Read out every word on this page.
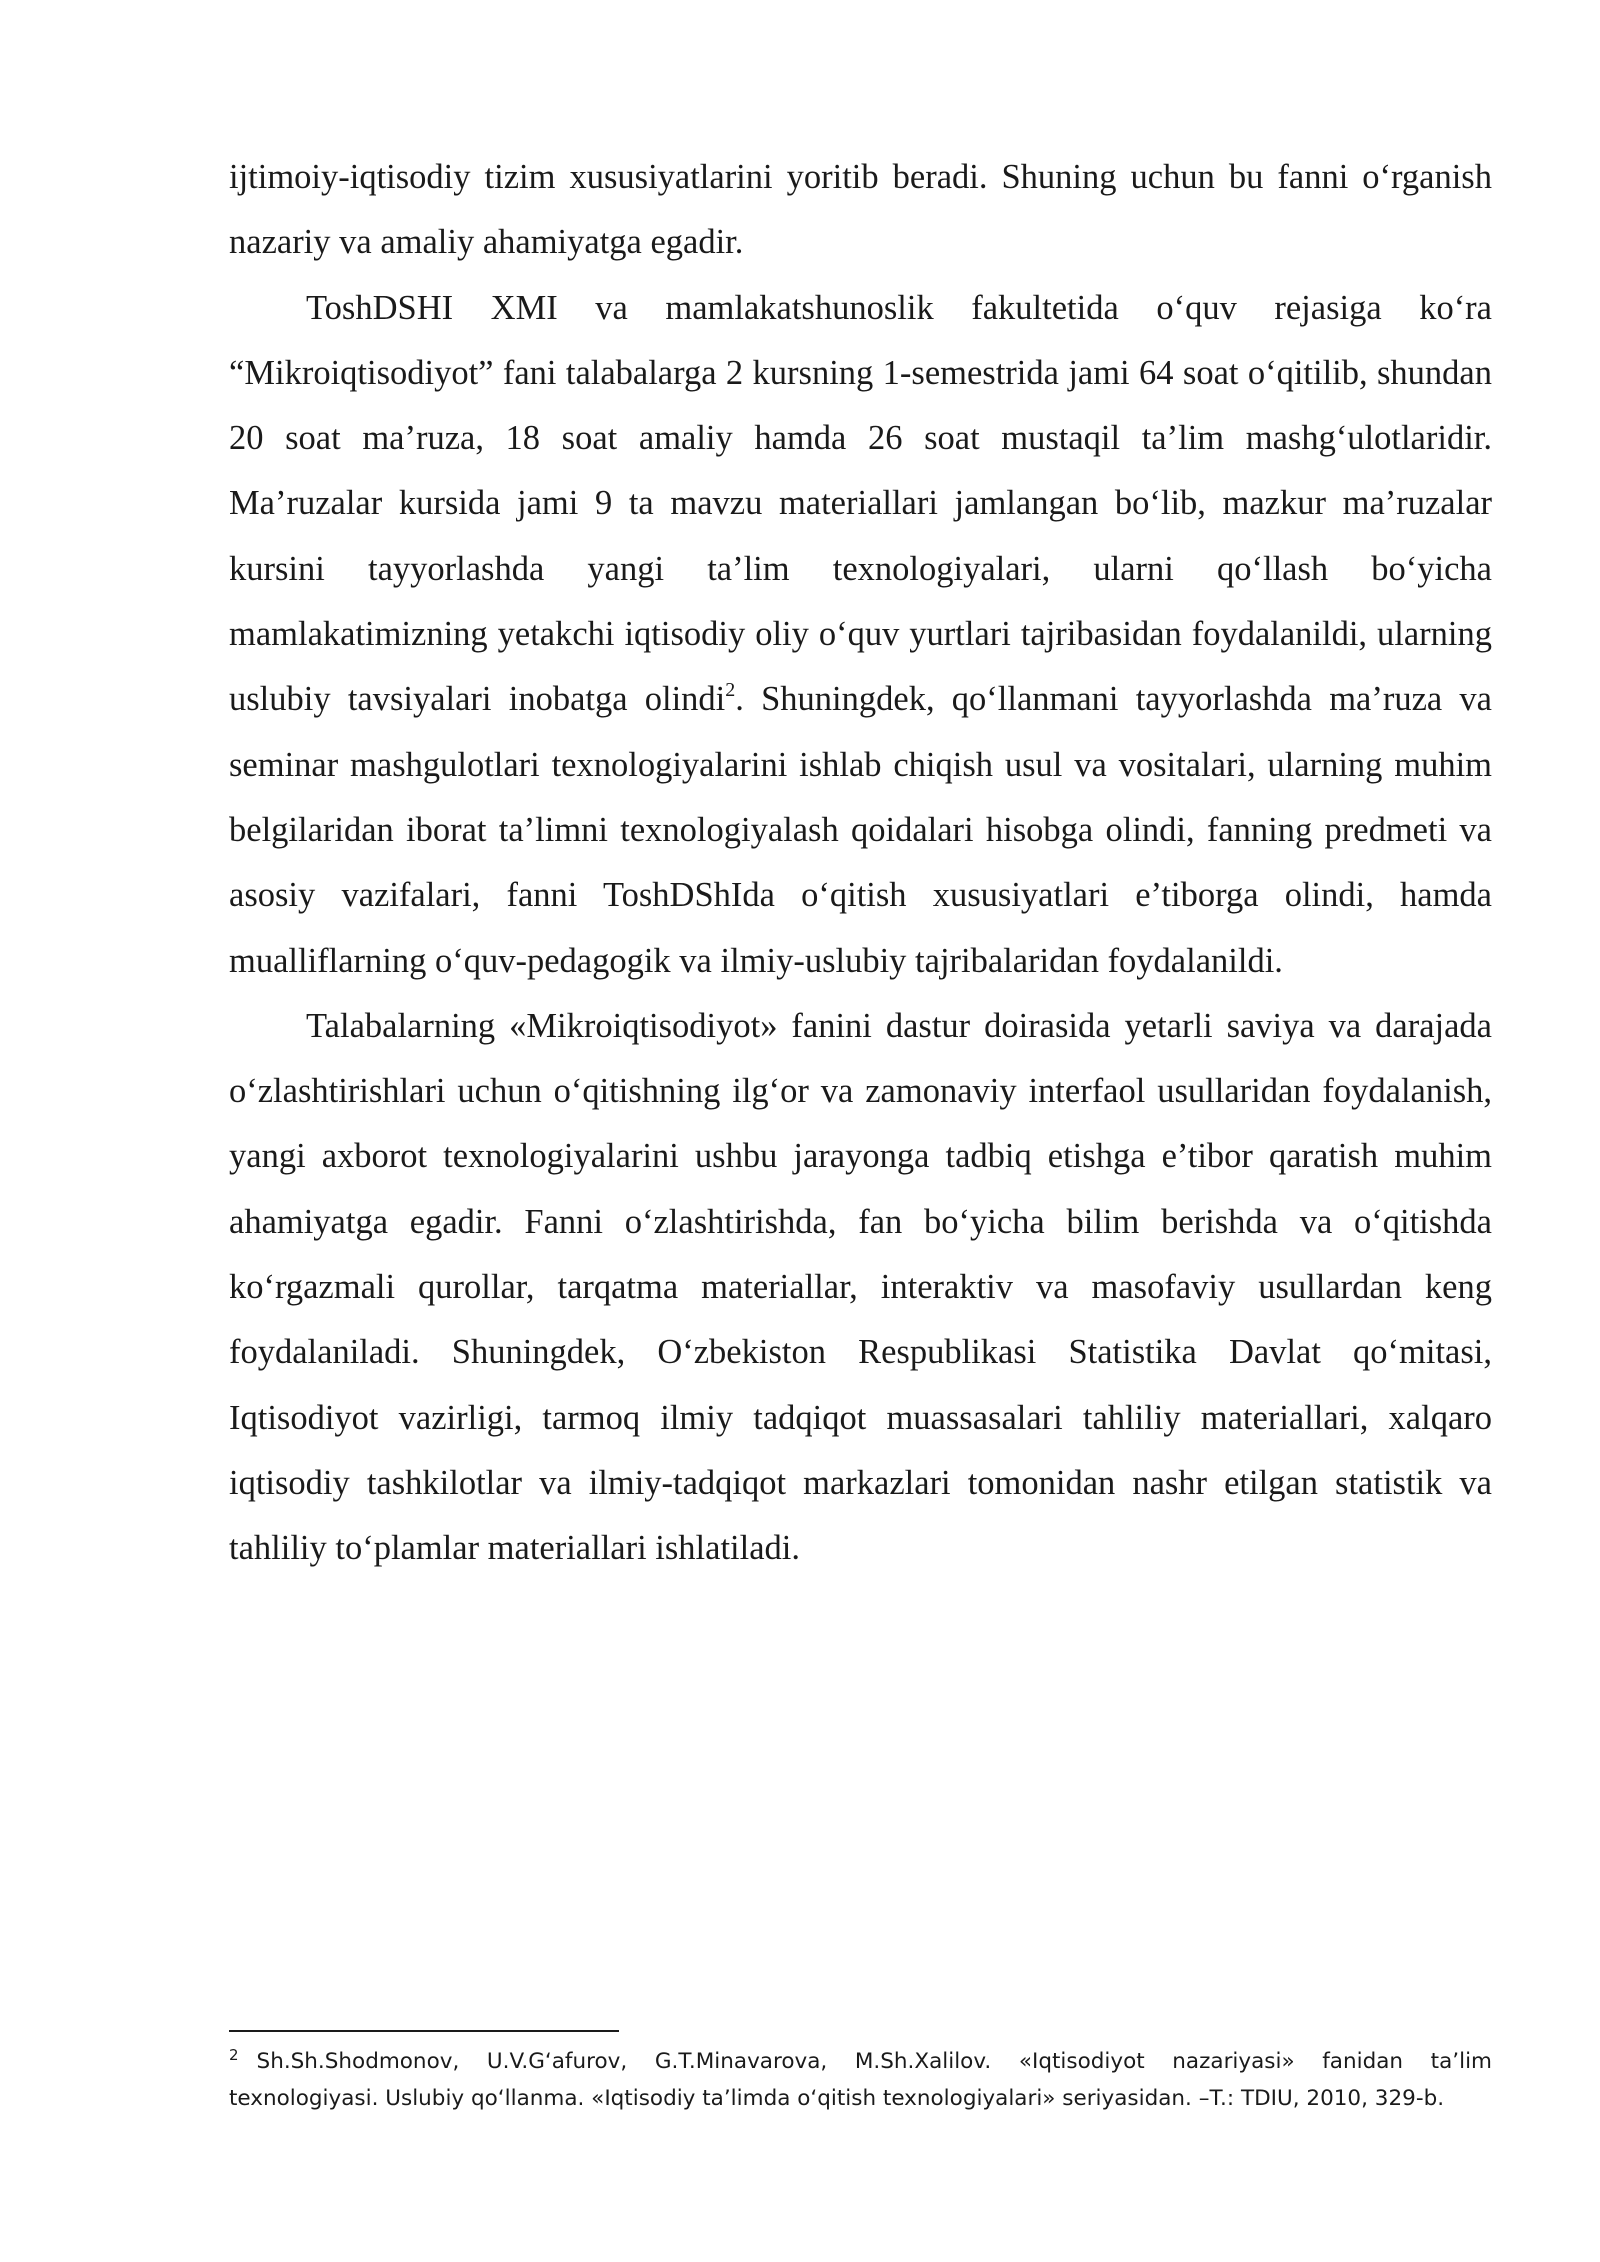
ijtimoiy-iqtisodiy tizim xususiyatlarini yoritib beradi. Shuning uchun bu fanni o‘rganish nazariy va amaliy ahamiyatga egadir.

ToshDSHI XMI va mamlakatshunoslik fakultetida o‘quv rejasiga ko‘ra “Mikroiqtisodiyot” fani talabalarga 2 kursning 1-semestrida jami 64 soat o‘qitilib, shundan 20 soat ma’ruza, 18 soat amaliy hamda 26 soat mustaqil ta’lim mashg‘ulotlaridir. Ma’ruzalar kursida jami 9 ta mavzu materiallari jamlangan bo‘lib, mazkur ma’ruzalar kursini tayyorlashda yangi ta’lim texnologiyalari, ularni qo‘llash bo‘yicha mamlakatimizning yetakchi iqtisodiy oliy o‘quv yurtlari tajribasidan foydalanildi, ularning uslubiy tavsiyalari inobatga olindi$^2$. Shuningdek, qo‘llanmani tayyorlashda ma’ruza va seminar mashgulotlari texnologiyalarini ishlab chiqish usul va vositalari, ularning muhim belgilaridan iborat ta’limni texnologiyalash qoidalari hisobga olindi, fanning predmeti va asosiy vazifalari, fanni ToshDShIda o‘qitish xususiyatlari e’tiborga olindi, hamda mualliflarning o‘quv-pedagogik va ilmiy-uslubiy tajribalaridan foydalanildi.

Talabalarning «Mikroiqtisodiyot» fanini dastur doirasida yetarli saviya va darajada o‘zlashtirishlari uchun o‘qitishning ilg‘or va zamonaviy interfaol usullaridan foydalanish, yangi axborot texnologiyalarini ushbu jarayonga tadbiq etishga e’tibor qaratish muhim ahamiyatga egadir. Fanni o‘zlashtirishda, fan bo‘yicha bilim berishda va o‘qitishda ko‘rgazmali qurollar, tarqatma materiallar, interaktiv va masofaviy usullardan keng foydalaniladi. Shuningdek, O‘zbekiston Respublikasi Statistika Davlat qo‘mitasi, Iqtisodiyot vazirligi, tarmoq ilmiy tadqiqot muassasalari tahliliy materiallari, xalqaro iqtisodiy tashkilotlar va ilmiy-tadqiqot markazlari tomonidan nashr etilgan statistik va tahliliy to‘plamlar materiallari ishlatiladi.

$^2$ Sh.Sh.Shodmonov, U.V.G‘afurov, G.T.Minavarova, M.Sh.Xalilov. «Iqtisodiyot nazariyasi» fanidan ta’lim texnologiyasi. Uslubiy qo‘llanma. «Iqtisodiy ta’limda o‘qitish texnologiyalari» seriyasidan. –T.: TDIU, 2010, 329-b.
